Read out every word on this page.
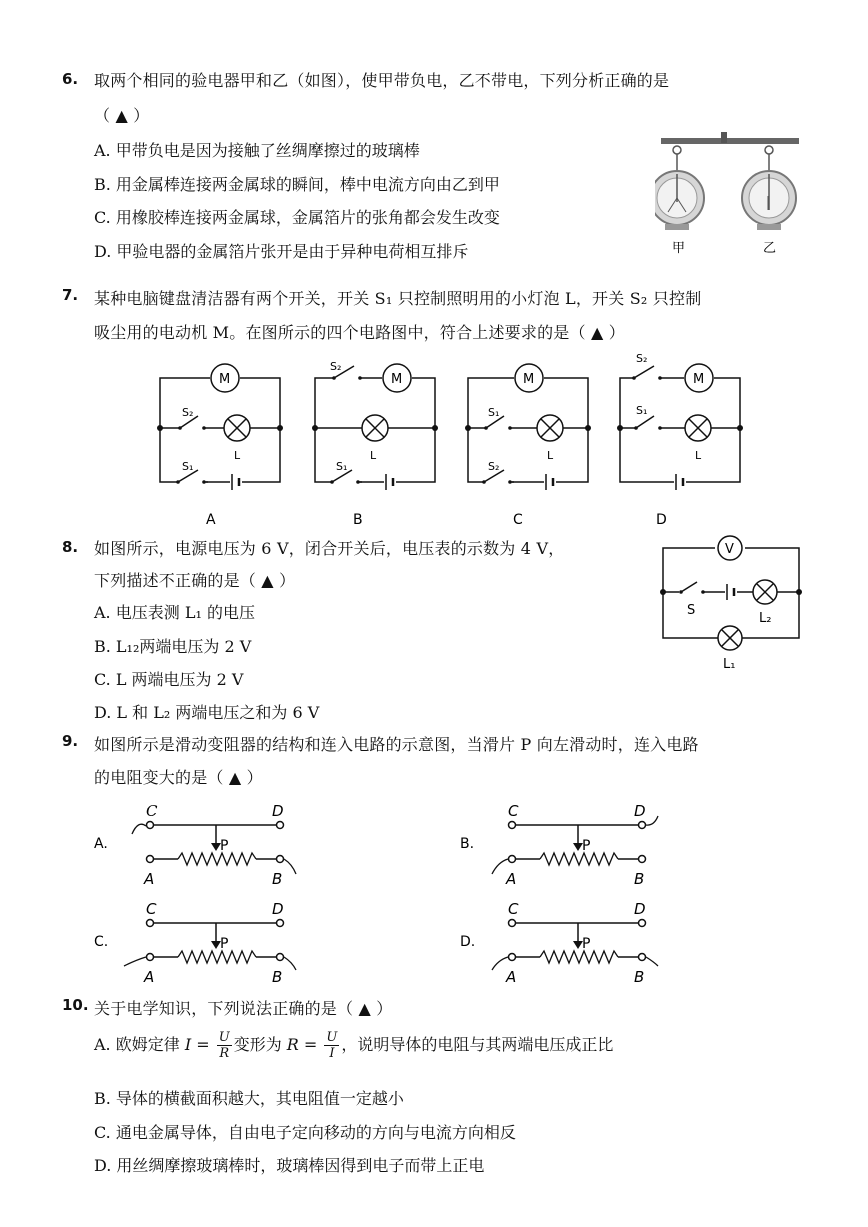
6. 取两个相同的验电器甲和乙（如图），使甲带负电，乙不带电，下列分析正确的是
（ ▲ ）
A. 甲带负电是因为接触了丝绸摩擦过的玻璃棒
B. 用金属棒连接两金属球的瞬间，棒中电流方向由乙到甲
C. 用橡胶棒连接两金属球，金属箔片的张角都会发生改变
D. 甲验电器的金属箔片张开是由于异种电荷相互排斥	甲	乙
7. 某种电脑键盘清洁器有两个开关，开关 S₁ 只控制照明用的小灯泡 L，开关 S₂ 只控制
吸尘用的电动机 M。在图所示的四个电路图中，符合上述要求的是（ ▲ ）
M
S₂
S₁
L
A
M
S₂
S₁
L
B
M
S₁
S₂
L
C
M
S₂
S₁
L
D
8. 如图所示，电源电压为 6 V，闭合开关后，电压表的示数为 4 V，
下列描述不正确的是（ ▲ ）
A. 电压表测 L₁ 的电压
B. L₁₂两端电压为 2 V
C. L 两端电压为 2 V
D. L 和 L₂ 两端电压之和为 6 V
V
S
L₂
L₁
9. 如图所示是滑动变阻器的结构和连入电路的示意图，当滑片 P 向左滑动时，连入电路
的电阻变大的是（ ▲ ）
A.
C	D
A	B
P	B.
C	D
A	B
P
C.
C	D
A	B
P	D.
C	D
A	B
P
10. 关于电学知识，下列说法正确的是（ ▲ ）
A. 欧姆定律 $I = \frac{U}{R}$ 变形为 $R = \frac{U}{I}$ ，说明导体的电阻与其两端电压成正比
B. 导体的横截面积越大，其电阻值一定越小
C. 通电金属导体，自由电子定向移动的方向与电流方向相反
D. 用丝绸摩擦玻璃棒时，玻璃棒因得到电子而带上正电
